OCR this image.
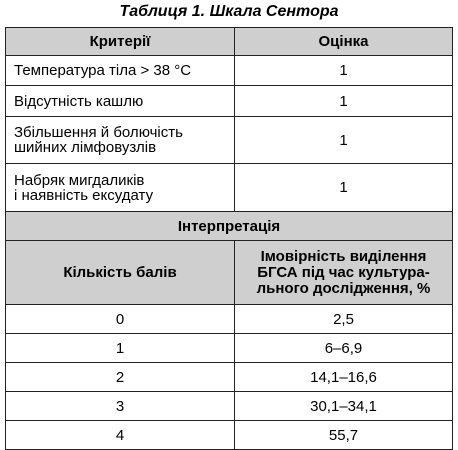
Таблиця 1. Шкала Сентора
Критерії	Оцінка
Температура тіла > 38 °С	1
Відсутність кашлю	1
Збільшення й болючість
шийних лімфовузлів	1
Набряк мигдаликів
і наявність ексудату	1
Інтерпретація	
Кількість балів	Імовірність виділення
БГСА під час культура-
льного дослідження, %
0	2,5
1	6–6,9
2	14,1–16,6
3	30,1–34,1
4	55,7
